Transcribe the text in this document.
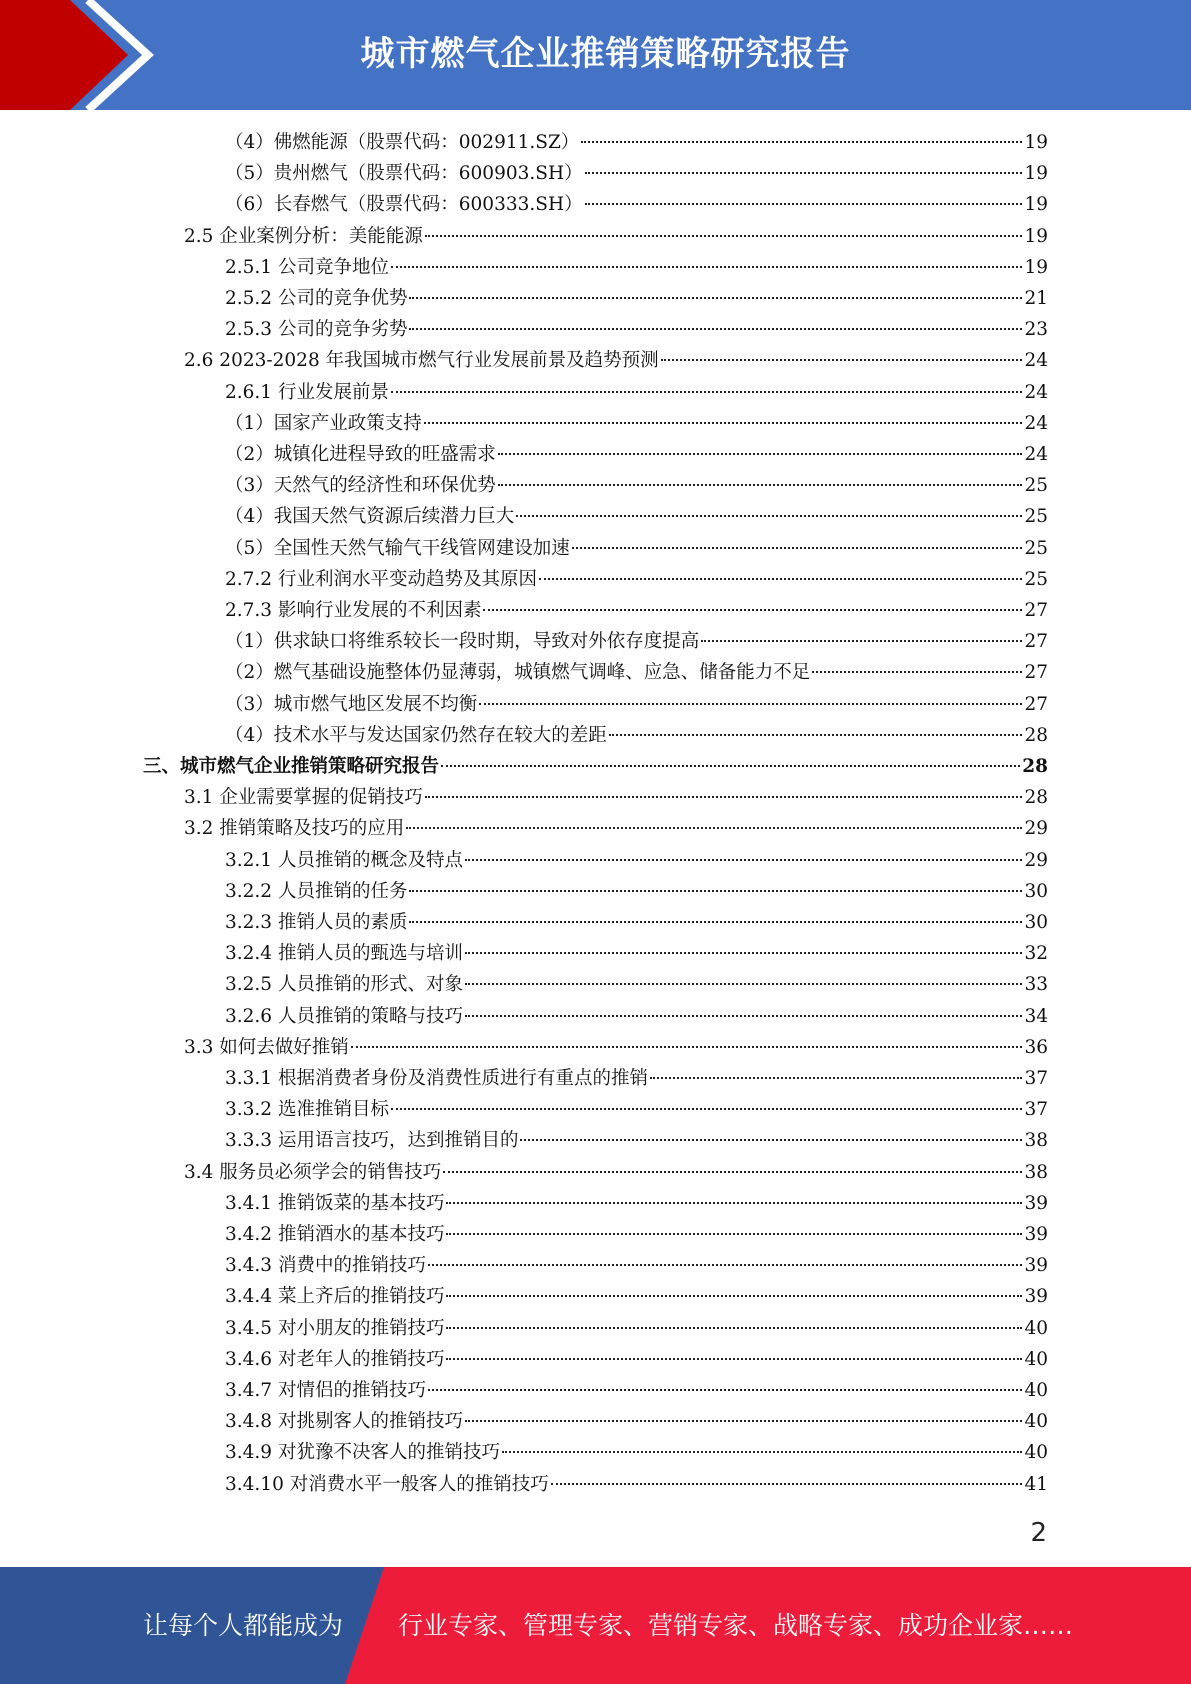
城市燃气企业推销策略研究报告
（4）佛燃能源（股票代码：002911.SZ）	19
（5）贵州燃气（股票代码：600903.SH）	19
（6）长春燃气（股票代码：600333.SH）	19
2.5 企业案例分析：美能能源	19
2.5.1 公司竞争地位	19
2.5.2 公司的竞争优势	21
2.5.3 公司的竞争劣势	23
2.6 2023-2028 年我国城市燃气行业发展前景及趋势预测	24
2.6.1 行业发展前景	24
（1）国家产业政策支持	24
（2）城镇化进程导致的旺盛需求	24
（3）天然气的经济性和环保优势	25
（4）我国天然气资源后续潜力巨大	25
（5）全国性天然气输气干线管网建设加速	25
2.7.2 行业利润水平变动趋势及其原因	25
2.7.3 影响行业发展的不利因素	27
（1）供求缺口将维系较长一段时期，导致对外依存度提高	27
（2）燃气基础设施整体仍显薄弱，城镇燃气调峰、应急、储备能力不足	27
（3）城市燃气地区发展不均衡	27
（4）技术水平与发达国家仍然存在较大的差距	28
三、城市燃气企业推销策略研究报告	28
3.1 企业需要掌握的促销技巧	28
3.2 推销策略及技巧的应用	29
3.2.1 人员推销的概念及特点	29
3.2.2 人员推销的任务	30
3.2.3 推销人员的素质	30
3.2.4 推销人员的甄选与培训	32
3.2.5 人员推销的形式、对象	33
3.2.6 人员推销的策略与技巧	34
3.3 如何去做好推销	36
3.3.1 根据消费者身份及消费性质进行有重点的推销	37
3.3.2 选准推销目标	37
3.3.3 运用语言技巧，达到推销目的	38
3.4 服务员必须学会的销售技巧	38
3.4.1 推销饭菜的基本技巧	39
3.4.2 推销酒水的基本技巧	39
3.4.3 消费中的推销技巧	39
3.4.4 菜上齐后的推销技巧	39
3.4.5 对小朋友的推销技巧	40
3.4.6 对老年人的推销技巧	40
3.4.7 对情侣的推销技巧	40
3.4.8 对挑剔客人的推销技巧	40
3.4.9 对犹豫不决客人的推销技巧	40
3.4.10 对消费水平一般客人的推销技巧	41
2
让每个人都能成为 行业专家、管理专家、营销专家、战略专家、成功企业家……
